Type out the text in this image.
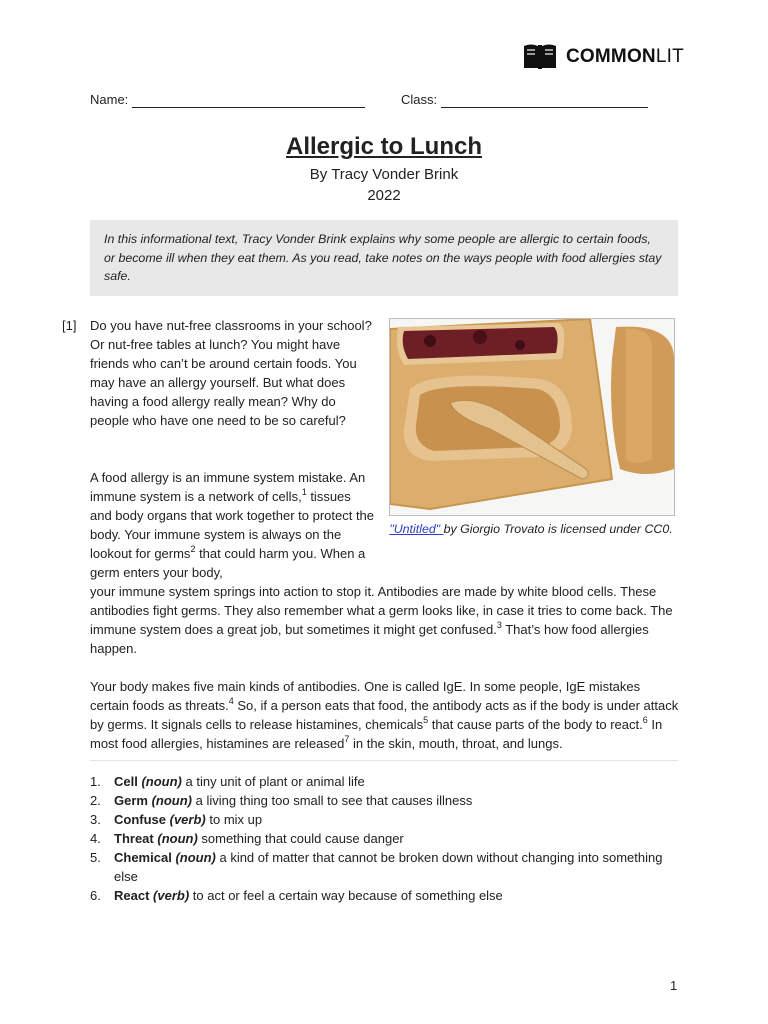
COMMONLIT
Name:	Class:
Allergic to Lunch
By Tracy Vonder Brink
2022
In this informational text, Tracy Vonder Brink explains why some people are allergic to certain foods, or become ill when they eat them. As you read, take notes on the ways people with food allergies stay safe.
[1]
"Untitled" by Giorgio Trovato is licensed under CC0.

Do you have nut-free classrooms in your school? Or nut-free tables at lunch? You might have friends who can’t be around certain foods. You may have an allergy yourself. But what does having a food allergy really mean? Why do people who have one need to be so careful?

A food allergy is an immune system mistake. An immune system is a network of cells,$^1$ tissues and body organs that work together to protect the body. Your immune system is always on the lookout for germs$^2$ that could harm you. When a germ enters your body,

your immune system springs into action to stop it. Antibodies are made by white blood cells. These antibodies fight germs. They also remember what a germ looks like, in case it tries to come back. The immune system does a great job, but sometimes it might get confused.$^3$ That’s how food allergies happen.

Your body makes five main kinds of antibodies. One is called IgE. In some people, IgE mistakes certain foods as threats.$^4$ So, if a person eats that food, the antibody acts as if the body is under attack by germs. It signals cells to release histamines, chemicals$^5$ that cause parts of the body to react.$^6$ In most food allergies, histamines are released$^7$ in the skin, mouth, throat, and lungs.

1. Cell (noun) a tiny unit of plant or animal life
2. Germ (noun) a living thing too small to see that causes illness
3. Confuse (verb) to mix up
4. Threat (noun) something that could cause danger
5. Chemical (noun) a kind of matter that cannot be broken down without changing into something else
6. React (verb) to act or feel a certain way because of something else
1
